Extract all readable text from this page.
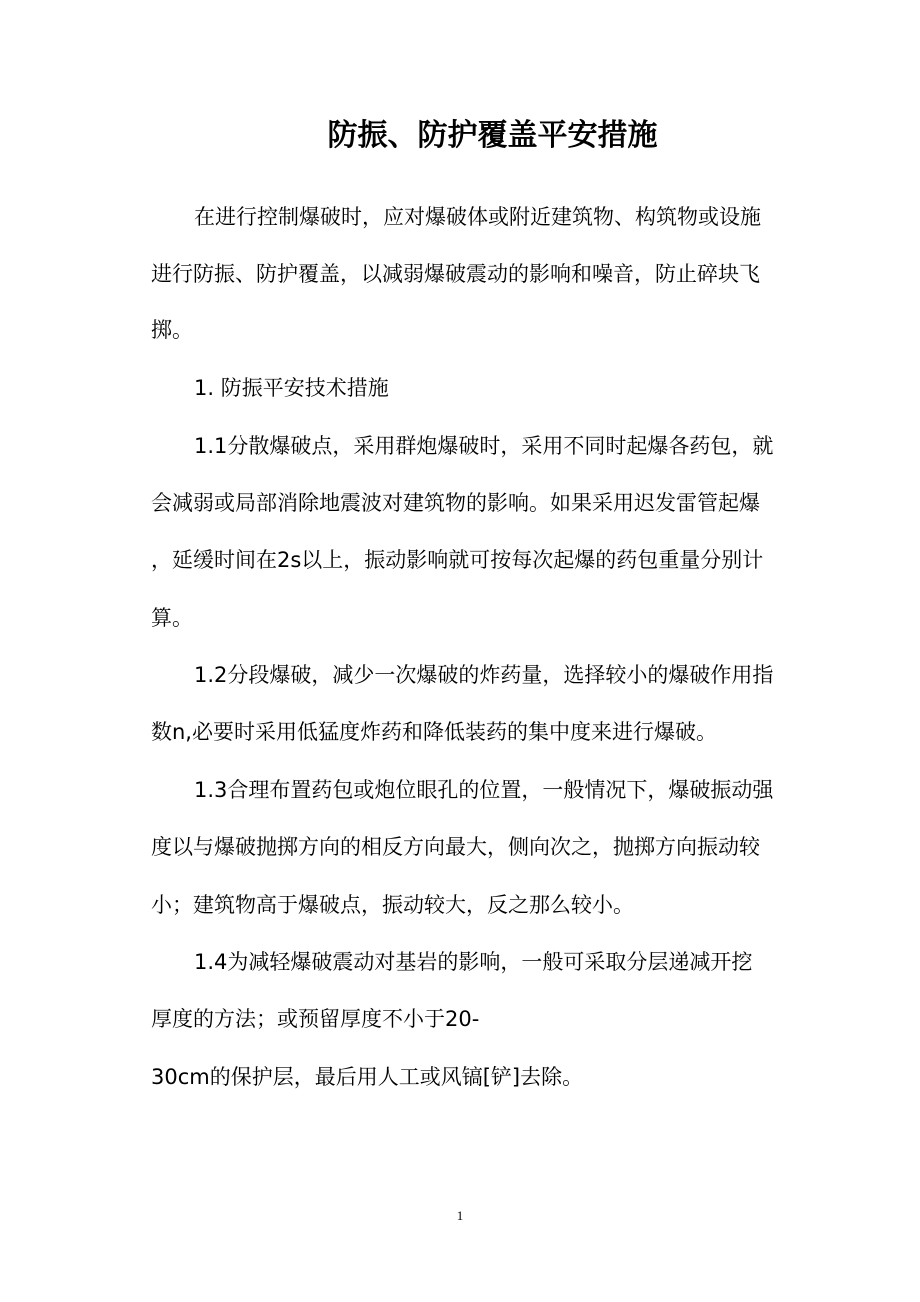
防振、防护覆盖平安措施
在进行控制爆破时，应对爆破体或附近建筑物、构筑物或设施
进行防振、防护覆盖，以减弱爆破震动的影响和噪音，防止碎块飞
掷。
1. 防振平安技术措施
1.1分散爆破点，采用群炮爆破时，采用不同时起爆各药包，就
会减弱或局部消除地震波对建筑物的影响。如果采用迟发雷管起爆
，延缓时间在2s以上，振动影响就可按每次起爆的药包重量分别计
算。
1.2分段爆破，减少一次爆破的炸药量，选择较小的爆破作用指
数n,必要时采用低猛度炸药和降低装药的集中度来进行爆破。
1.3合理布置药包或炮位眼孔的位置，一般情况下，爆破振动强
度以与爆破抛掷方向的相反方向最大，侧向次之，抛掷方向振动较
小；建筑物高于爆破点，振动较大，反之那么较小。
1.4为减轻爆破震动对基岩的影响，一般可采取分层递减开挖
厚度的方法；或预留厚度不小于20-
30cm的保护层，最后用人工或风镐[铲]去除。
1
